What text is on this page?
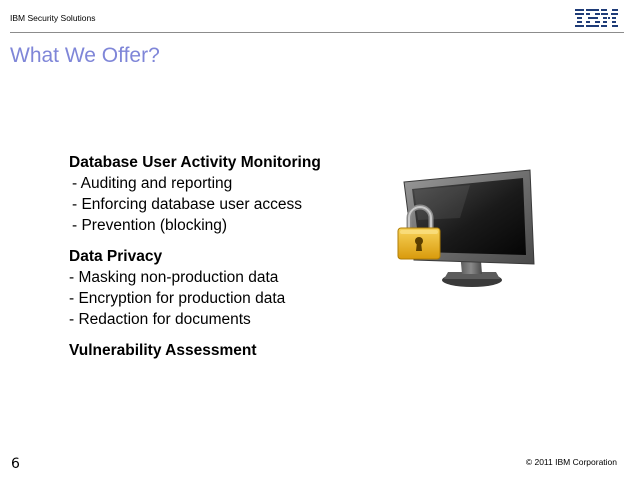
IBM Security Solutions
What We Offer?
Database User Activity Monitoring
- Auditing and reporting
- Enforcing database user access
- Prevention (blocking)
Data Privacy
- Masking non-production data
- Encryption for production data
- Redaction for documents
Vulnerability Assessment
6	© 2011 IBM Corporation
